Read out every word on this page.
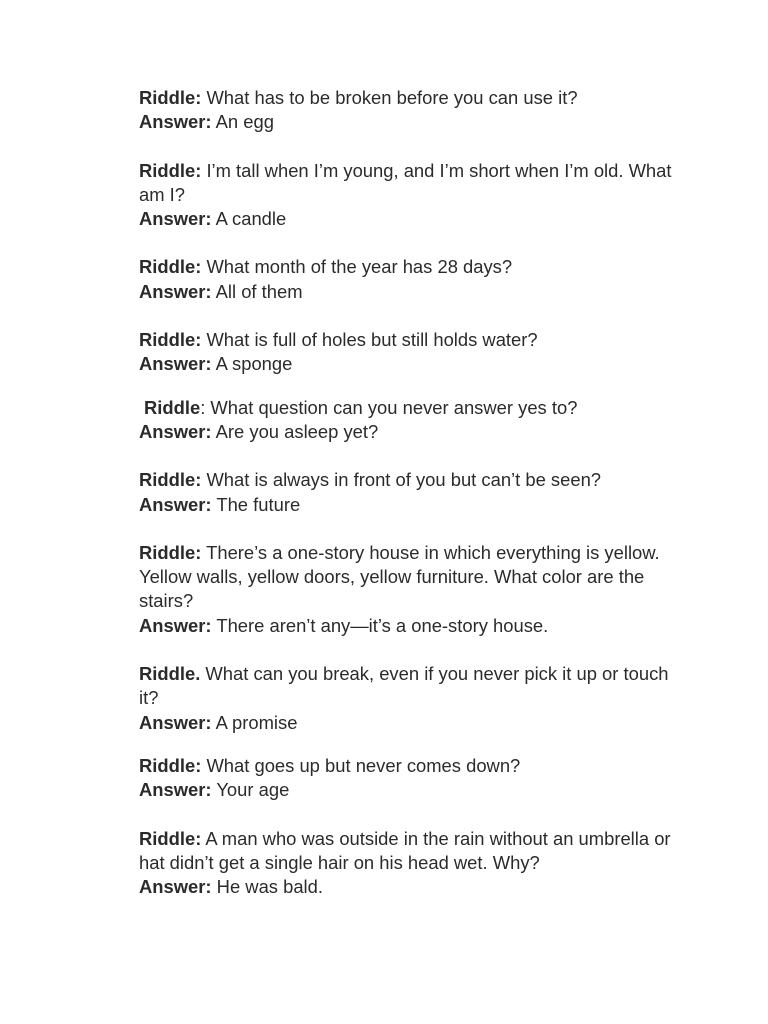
Riddle: What has to be broken before you can use it?

Answer: An egg

Riddle: I’m tall when I’m young, and I’m short when I’m old. What am I?

Answer: A candle

Riddle: What month of the year has 28 days?

Answer: All of them

Riddle: What is full of holes but still holds water?

Answer: A sponge

Riddle: What question can you never answer yes to?

Answer: Are you asleep yet?

Riddle: What is always in front of you but can’t be seen?

Answer: The future

Riddle: There’s a one-story house in which everything is yellow. Yellow walls, yellow doors, yellow furniture. What color are the stairs?

Answer: There aren’t any—it’s a one-story house.

Riddle. What can you break, even if you never pick it up or touch it?

Answer: A promise

Riddle: What goes up but never comes down?

Answer: Your age

Riddle: A man who was outside in the rain without an umbrella or hat didn’t get a single hair on his head wet. Why?

Answer: He was bald.
